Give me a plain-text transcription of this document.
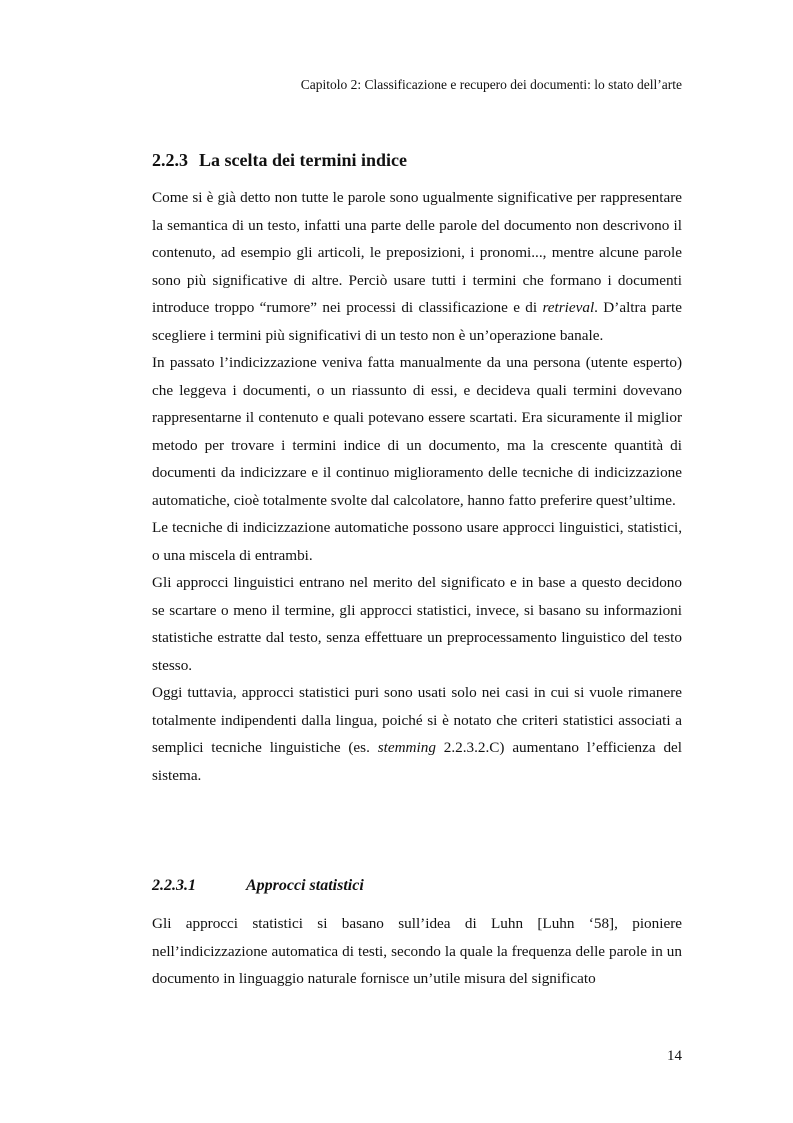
Capitolo 2: Classificazione e recupero dei documenti: lo stato dell’arte
2.2.3 La scelta dei termini indice

Come si è già detto non tutte le parole sono ugualmente significative per rappresentare la semantica di un testo, infatti una parte delle parole del documento non descrivono il contenuto, ad esempio gli articoli, le preposizioni, i pronomi..., mentre alcune parole sono più significative di altre. Perciò usare tutti i termini che formano i documenti introduce troppo “rumore” nei processi di classificazione e di retrieval. D’altra parte scegliere i termini più significativi di un testo non è un’operazione banale.

In passato l’indicizzazione veniva fatta manualmente da una persona (utente esperto) che leggeva i documenti, o un riassunto di essi, e decideva quali termini dovevano rappresentarne il contenuto e quali potevano essere scartati. Era sicuramente il miglior metodo per trovare i termini indice di un documento, ma la crescente quantità di documenti da indicizzare e il continuo miglioramento delle tecniche di indicizzazione automatiche, cioè totalmente svolte dal calcolatore, hanno fatto preferire quest’ultime.

Le tecniche di indicizzazione automatiche possono usare approcci linguistici, statistici, o una miscela di entrambi.

Gli approcci linguistici entrano nel merito del significato e in base a questo decidono se scartare o meno il termine, gli approcci statistici, invece, si basano su informazioni statistiche estratte dal testo, senza effettuare un preprocessamento linguistico del testo stesso.

Oggi tuttavia, approcci statistici puri sono usati solo nei casi in cui si vuole rimanere totalmente indipendenti dalla lingua, poiché si è notato che criteri statistici associati a semplici tecniche linguistiche (es. stemming 2.2.3.2.C) aumentano l’efficienza del sistema.

2.2.3.1	Approcci statistici

Gli approcci statistici si basano sull’idea di Luhn [Luhn ‘58], pioniere nell’indicizzazione automatica di testi, secondo la quale la frequenza delle parole in un documento in linguaggio naturale fornisce un’utile misura del significato

14
